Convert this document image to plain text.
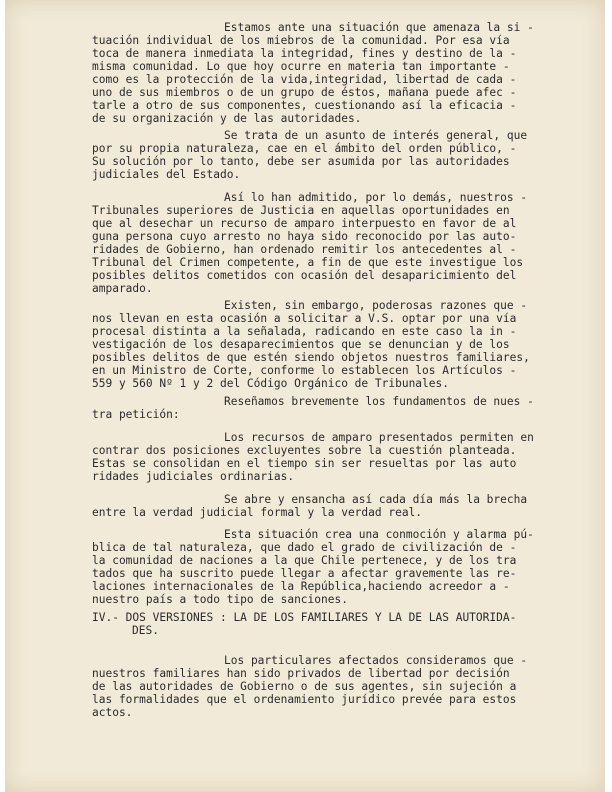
Estamos ante una situación que amenaza la si -
tuación individual de los miebros de la comunidad. Por esa vía
toca de manera inmediata la integridad, fines y destino de la -
misma comunidad. Lo que hoy ocurre en materia tan importante -
como es la protección de la vida,integridad, libertad de cada -
uno de sus miembros o de un grupo de éstos, mañana puede afec -
tarle a otro de sus componentes, cuestionando así la eficacia -
de su organización y de las autoridades.
Se trata de un asunto de interés general, que
por su propia naturaleza, cae en el ámbito del orden público, -
Su solución por lo tanto, debe ser asumida por las autoridades
judiciales del Estado.
Así lo han admitido, por lo demás, nuestros -
Tribunales superiores de Justicia en aquellas oportunidades en
que al desechar un recurso de amparo interpuesto en favor de al
guna persona cuyo arresto no haya sido reconocido por las auto-
ridades de Gobierno, han ordenado remitir los antecedentes al -
Tribunal del Crimen competente, a fin de que este investigue los
posibles delitos cometidos con ocasión del desaparicimiento del
amparado.
Existen, sin embargo, poderosas razones que -
nos llevan en esta ocasión a solicitar a V.S. optar por una vía
procesal distinta a la señalada, radicando en este caso la in -
vestigación de los desaparecimientos que se denuncian y de los
posibles delitos de que estén siendo objetos nuestros familiares,
en un Ministro de Corte, conforme lo establecen los Artículos -
559 y 560 Nº 1 y 2 del Código Orgánico de Tribunales.
Reseñamos brevemente los fundamentos de nues -
tra petición:
Los recursos de amparo presentados permiten en
contrar dos posiciones excluyentes sobre la cuestión planteada.
Estas se consolidan en el tiempo sin ser resueltas por las auto
ridades judiciales ordinarias.
Se abre y ensancha así cada día más la brecha
entre la verdad judicial formal y la verdad real.
Esta situación crea una conmoción y alarma pú-
blica de tal naturaleza, que dado el grado de civilización de -
la comunidad de naciones a la que Chile pertenece, y de los tra
tados que ha suscrito puede llegar a afectar gravemente las re-
laciones internacionales de la República,haciendo acreedor a -
nuestro país a todo tipo de sanciones.
IV.- DOS VERSIONES : LA DE LOS FAMILIARES Y LA DE LAS AUTORIDA-
DES.
Los particulares afectados consideramos que -
nuestros familiares han sido privados de libertad por decisión
de las autoridades de Gobierno o de sus agentes, sin sujeción a
las formalidades que el ordenamiento jurídico prevée para estos
actos.
